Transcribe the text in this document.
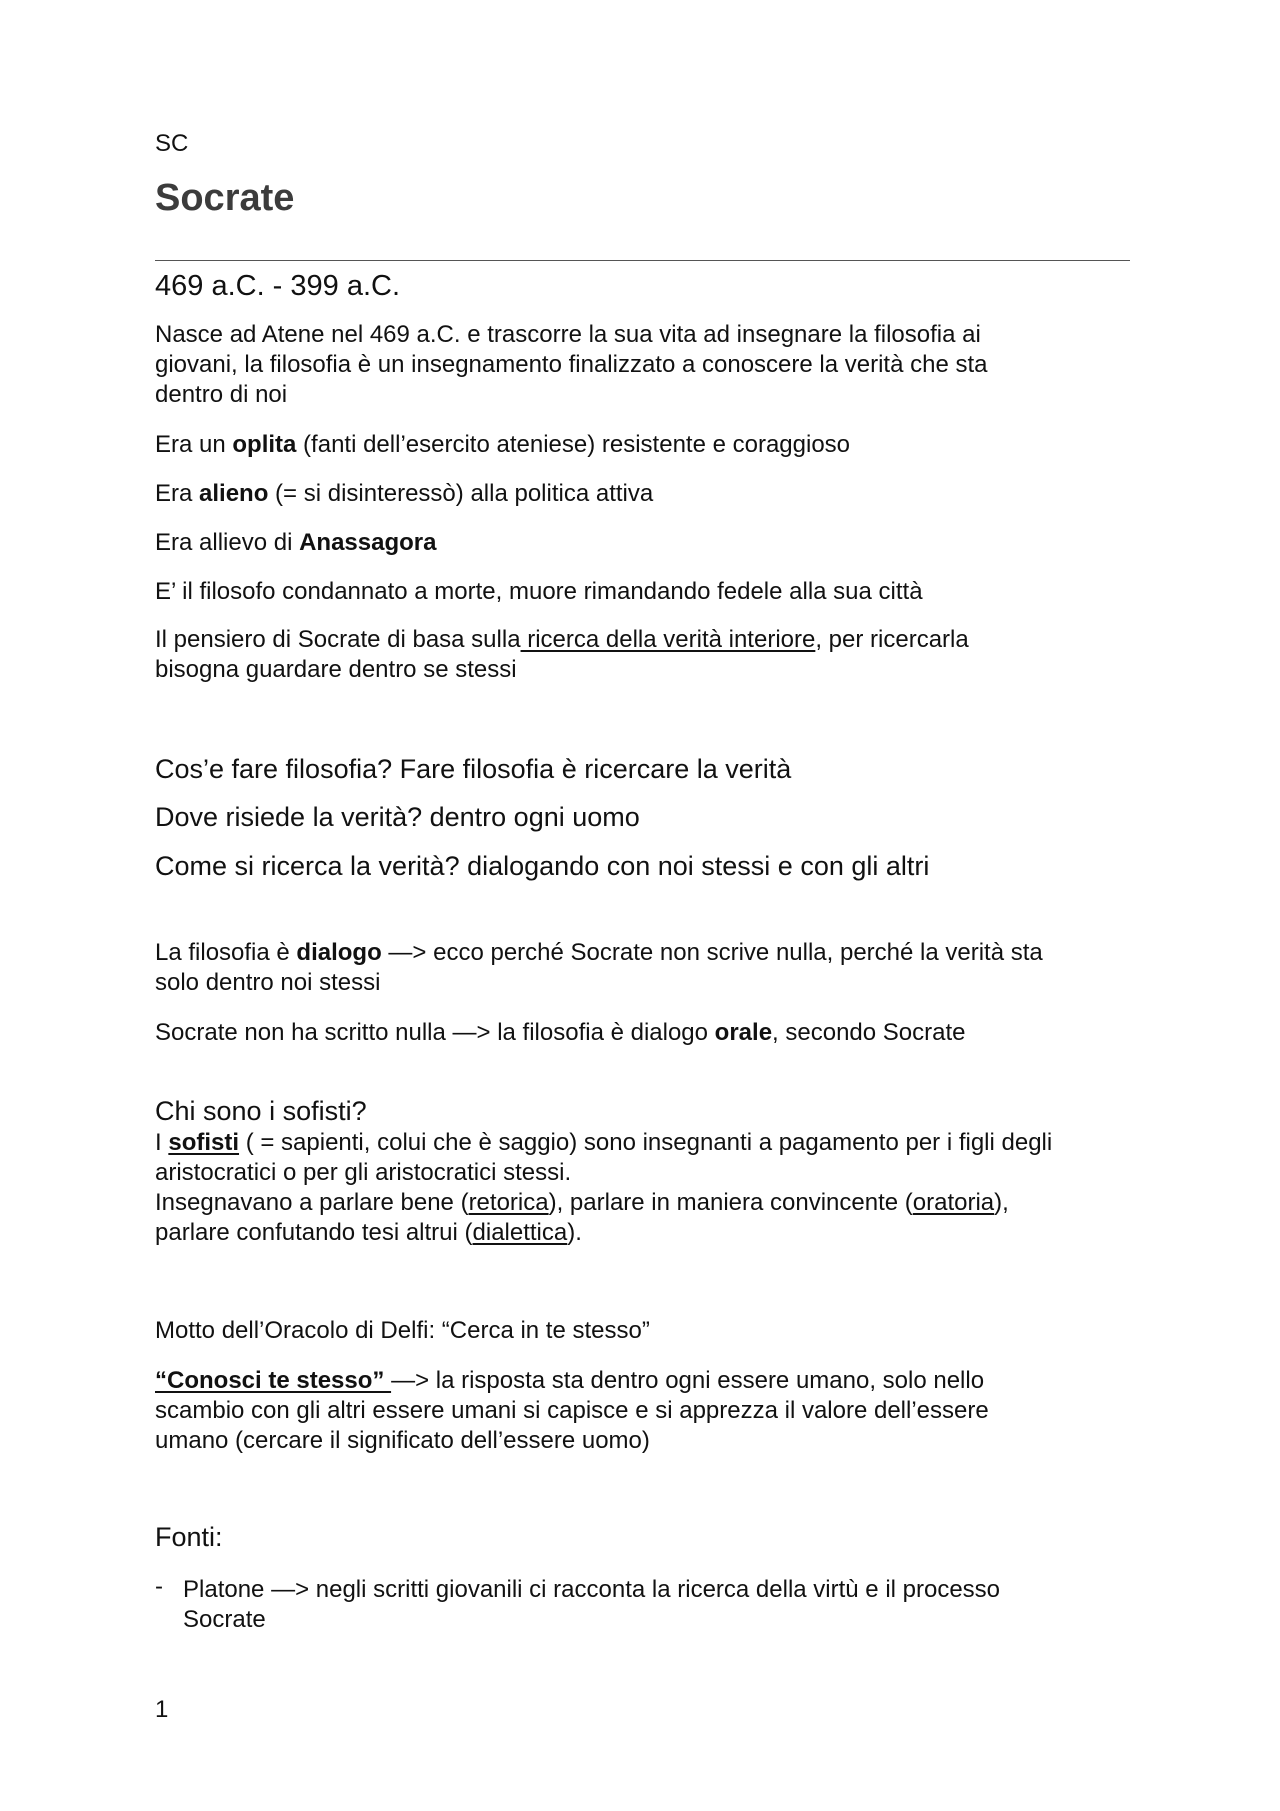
SC

Socrate

469 a.C. - 399 a.C.

Nasce ad Atene nel 469 a.C. e trascorre la sua vita ad insegnare la filosofia ai

giovani, la filosofia è un insegnamento finalizzato a conoscere la verità che sta

dentro di noi

Era un oplita (fanti dell’esercito ateniese) resistente e coraggioso

Era alieno (= si disinteressò) alla politica attiva

Era allievo di Anassagora

E’ il filosofo condannato a morte, muore rimandando fedele alla sua città

Il pensiero di Socrate di basa sulla ricerca della verità interiore, per ricercarla

bisogna guardare dentro se stessi

Cos’e fare filosofia? Fare filosofia è ricercare la verità

Dove risiede la verità? dentro ogni uomo

Come si ricerca la verità? dialogando con noi stessi e con gli altri

La filosofia è dialogo —> ecco perché Socrate non scrive nulla, perché la verità sta

solo dentro noi stessi

Socrate non ha scritto nulla —> la filosofia è dialogo orale, secondo Socrate

Chi sono i sofisti?

I sofisti ( = sapienti, colui che è saggio) sono insegnanti a pagamento per i figli degli

aristocratici o per gli aristocratici stessi.

Insegnavano a parlare bene (retorica), parlare in maniera convincente (oratoria),

parlare confutando tesi altrui (dialettica).

Motto dell’Oracolo di Delfi: “Cerca in te stesso”

“Conosci te stesso” —> la risposta sta dentro ogni essere umano, solo nello

scambio con gli altri essere umani si capisce e si apprezza il valore dell’essere

umano (cercare il significato dell’essere uomo)

Fonti:

- Platone —> negli scritti giovanili ci racconta la ricerca della virtù e il processo

Socrate

1
